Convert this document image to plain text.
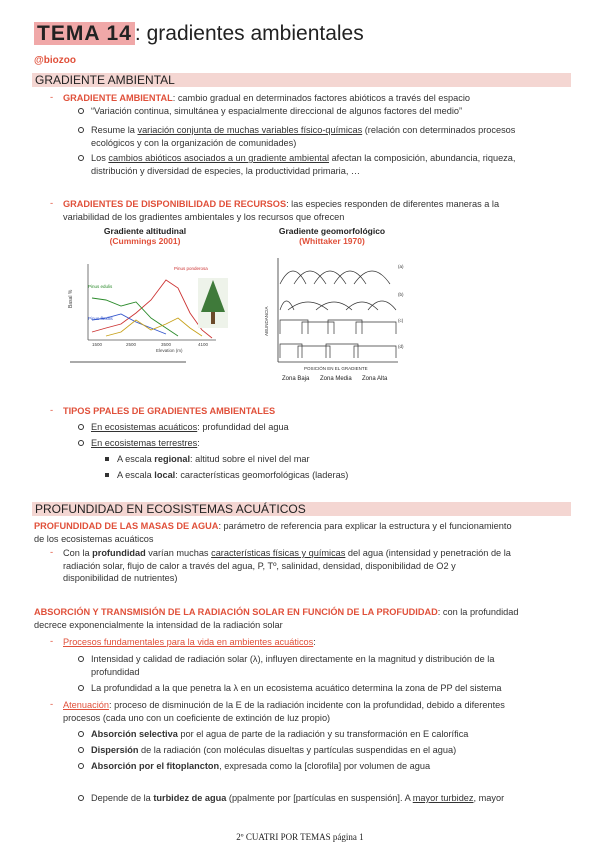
TEMA 14 : gradientes ambientales
@biozoo
GRADIENTE AMBIENTAL
- GRADIENTE AMBIENTAL: cambio gradual en determinados factores abióticos a través del espacio
“Variación continua, simultánea y espacialmente direccional de algunos factores del medio”
Resume la variación conjunta de muchas variables físico-químicas (relación con determinados procesos
ecológicos y con la organización de comunidades)
Los cambios abióticos asociados a un gradiente ambiental afectan la composición, abundancia, riqueza,
distribución y diversidad de especies, la productividad primaria, …
- GRADIENTES DE DISPONIBILIDAD DE RECURSOS: las especies responden de diferentes maneras a la
variabilidad de los gradientes ambientales y los recursos que ofrecen
Gradiente altitudinal
(Cummings 2001)
Basal %
1500	2500	3500	4100
Elevation (m)
Pinus ponderosa
Pinus edulis
Pinus flexilis
Gradiente geomorfológico
(Whittaker 1970)
ABUNDANCIA
(a)
(b)
(c)
(d)
POSICIÓN EN EL GRADIENTE
Zona Baja Zona Media Zona Alta
- TIPOS PPALES DE GRADIENTES AMBIENTALES
En ecosistemas acuáticos: profundidad del agua
En ecosistemas terrestres:
A escala regional: altitud sobre el nivel del mar
A escala local: características geomorfológicas (laderas)
PROFUNDIDAD EN ECOSISTEMAS ACUÁTICOS
PROFUNDIDAD DE LAS MASAS DE AGUA: parámetro de referencia para explicar la estructura y el funcionamiento
de los ecosistemas acuáticos
- Con la profundidad varían muchas características físicas y químicas del agua (intensidad y penetración de la
radiación solar, flujo de calor a través del agua, P, Tº, salinidad, densidad, disponibilidad de O2 y
disponibilidad de nutrientes)
ABSORCIÓN Y TRANSMISIÓN DE LA RADIACIÓN SOLAR EN FUNCIÓN DE LA PROFUDIDAD: con la profundidad
decrece exponencialmente la intensidad de la radiación solar
- Procesos fundamentales para la vida en ambientes acuáticos:
Intensidad y calidad de radiación solar (λ), influyen directamente en la magnitud y distribución de la
profundidad
La profundidad a la que penetra la λ en un ecosistema acuático determina la zona de PP del sistema
- Atenuación: proceso de disminución de la E de la radiación incidente con la profundidad, debido a diferentes
procesos (cada uno con un coeficiente de extinción de luz propio)
Absorción selectiva por el agua de parte de la radiación y su transformación en E calorífica
Dispersión de la radiación (con moléculas disueltas y partículas suspendidas en el agua)
Absorción por el fitoplancton, expresada como la [clorofila] por volumen de agua
Depende de la turbidez de agua (ppalmente por [partículas en suspensión]. A mayor turbidez, mayor
2º CUATRI POR TEMAS página 1
